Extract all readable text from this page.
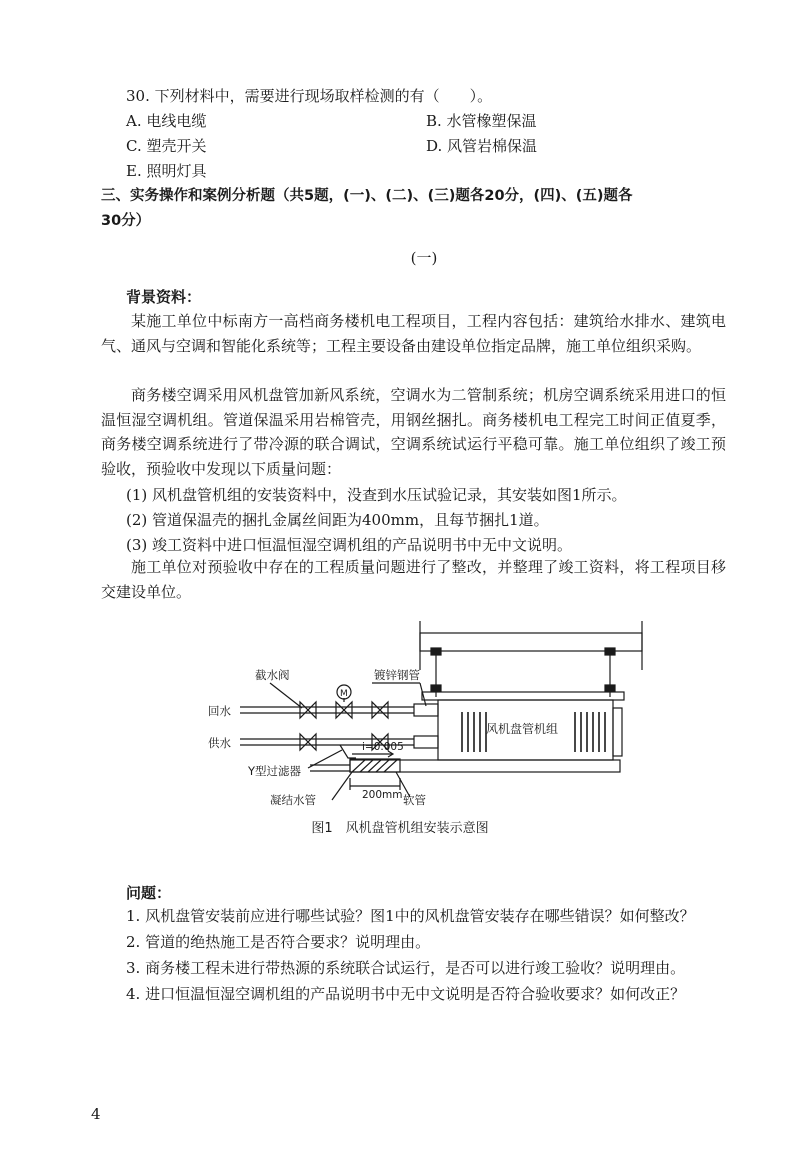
30. 下列材料中，需要进行现场取样检测的有（　　）。
A. 电线电缆	B. 水管橡塑保温
C. 塑壳开关	D. 风管岩棉保温
E. 照明灯具
三、实务操作和案例分析题（共5题，(一)、(二)、(三)题各20分，(四)、(五)题各
30分）
(一)
背景资料：
某施工单位中标南方一高档商务楼机电工程项目，工程内容包括：建筑给水排水、建筑电气、通风与空调和智能化系统等；工程主要设备由建设单位指定品牌，施工单位组织采购。
商务楼空调采用风机盘管加新风系统，空调水为二管制系统；机房空调系统采用进口的恒温恒湿空调机组。管道保温采用岩棉管壳，用钢丝捆扎。商务楼机电工程完工时间正值夏季，商务楼空调系统进行了带冷源的联合调试，空调系统试运行平稳可靠。施工单位组织了竣工预验收，预验收中发现以下质量问题：
(1) 风机盘管机组的安装资料中，没查到水压试验记录，其安装如图1所示。
(2) 管道保温壳的捆扎金属丝间距为400mm，且每节捆扎1道。
(3) 竣工资料中进口恒温恒湿空调机组的产品说明书中无中文说明。
施工单位对预验收中存在的工程质量问题进行了整改，并整理了竣工资料，将工程项目移交建设单位。
截水阀	镀锌钢管
回水
供水
风机盘管机组
i=0.005
Y型过滤器
200mm
凝结水管	软管
M
图1　风机盘管机组安装示意图
问题：
1. 风机盘管安装前应进行哪些试验？图1中的风机盘管安装存在哪些错误？如何整改？
2. 管道的绝热施工是否符合要求？说明理由。
3. 商务楼工程未进行带热源的系统联合试运行，是否可以进行竣工验收？说明理由。
4. 进口恒温恒湿空调机组的产品说明书中无中文说明是否符合验收要求？如何改正？
4
